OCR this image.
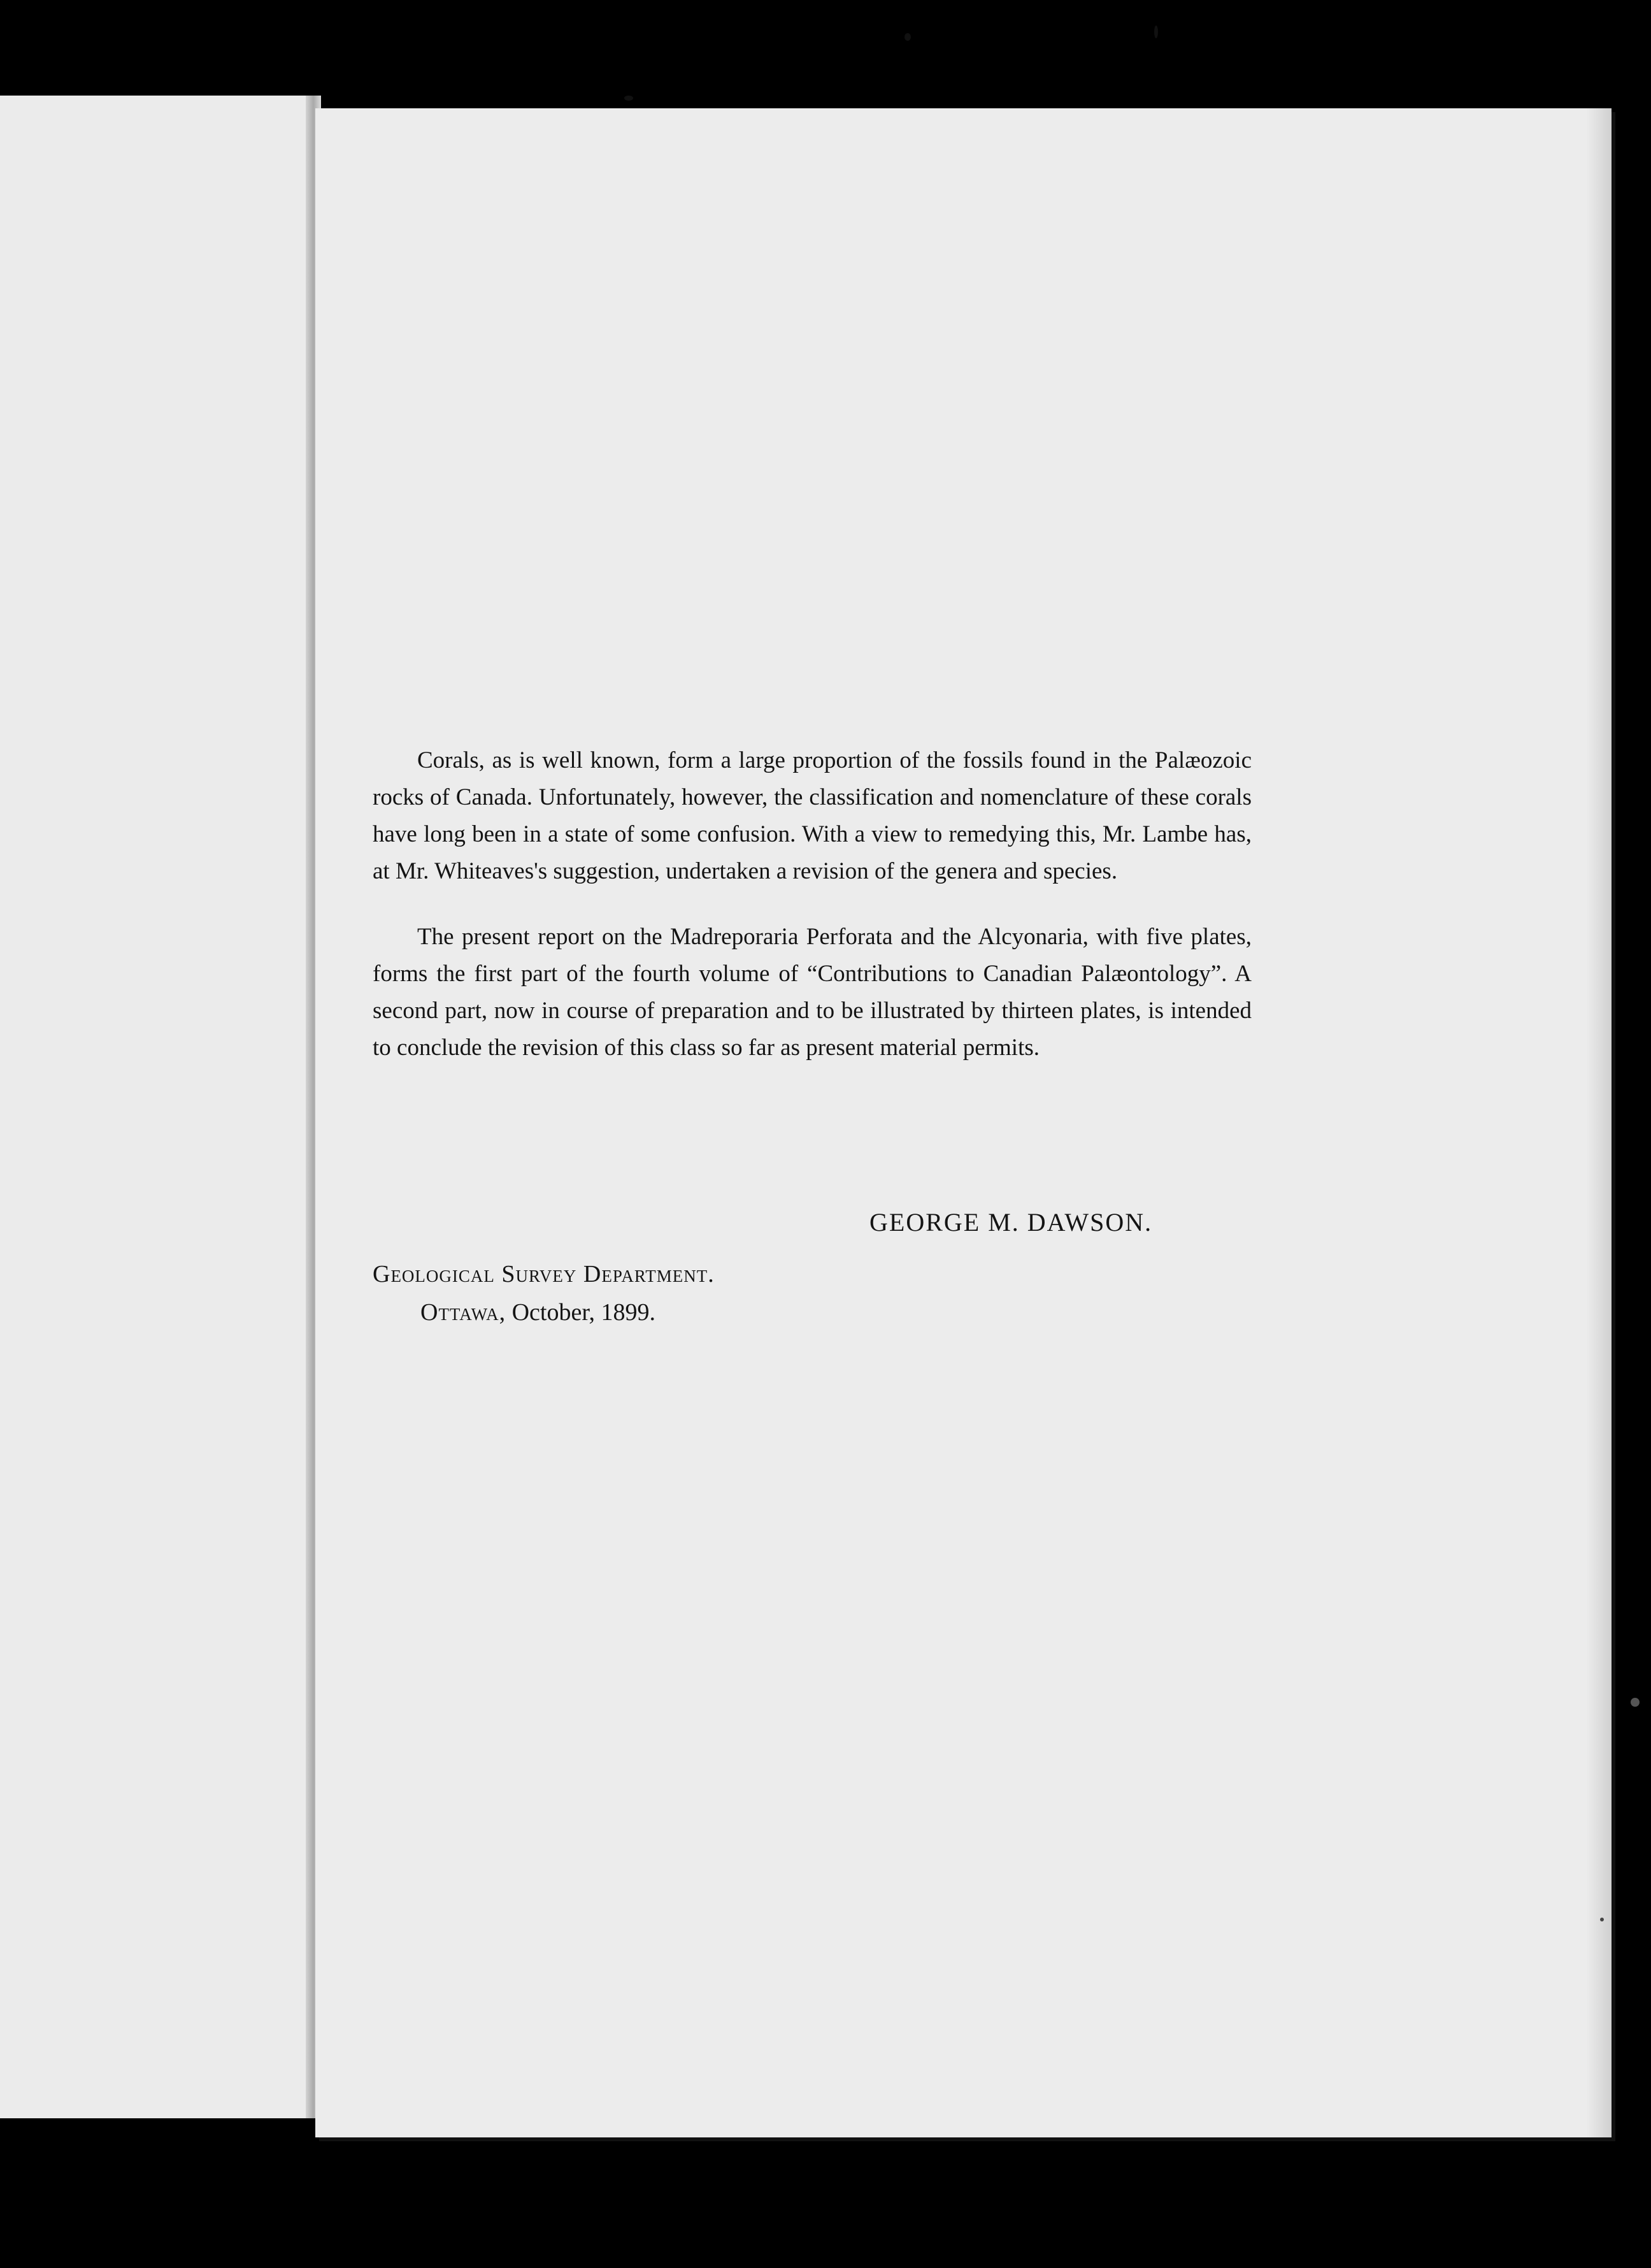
Corals, as is well known, form a large proportion of the fossils found in the Palæozoic rocks of Canada. Unfortunately, however, the classification and nomenclature of these corals have long been in a state of some confusion. With a view to remedying this, Mr. Lambe has, at Mr. Whiteaves's suggestion, undertaken a revision of the genera and species.

The present report on the Madreporaria Perforata and the Alcyonaria, with five plates, forms the first part of the fourth volume of “Contributions to Canadian Palæontology”. A second part, now in course of preparation and to be illustrated by thirteen plates, is intended to conclude the revision of this class so far as present material permits.

GEORGE M. DAWSON.
Geological Survey Department.
Ottawa, October, 1899.
